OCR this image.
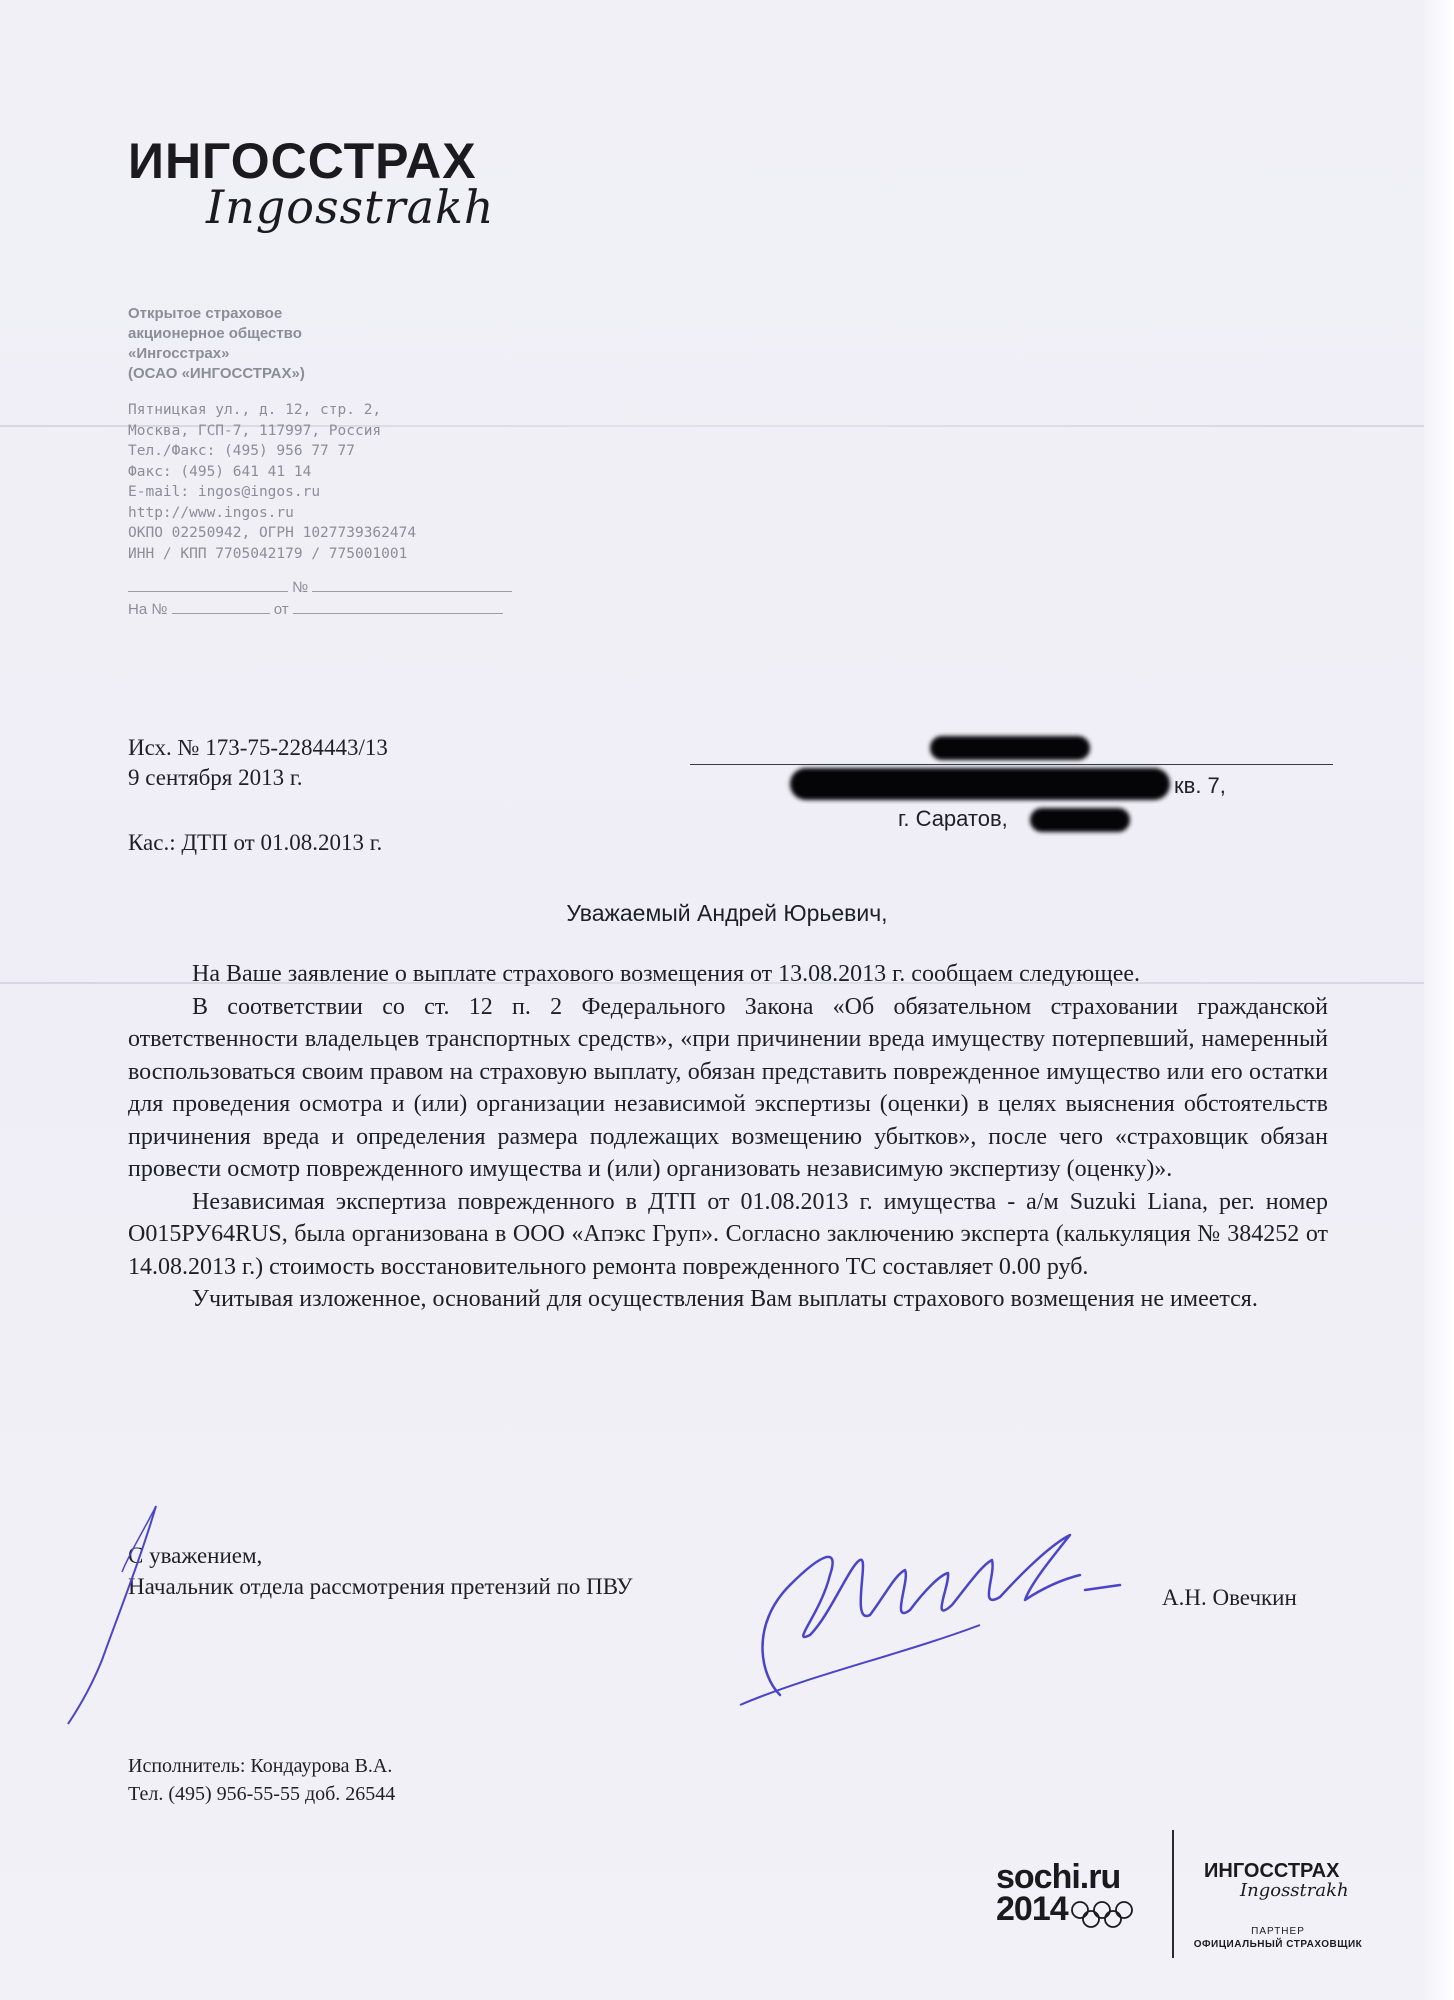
ИНГОССТРАХ
Ingosstrakh
Открытое страховое
акционерное общество
«Ингосстрах»
(ОСАО «ИНГОССТРАХ»)
Пятницкая ул., д. 12, стр. 2,
Москва, ГСП-7, 117997, Россия
Тел./Факс: (495) 956 77 77
Факс: (495) 641 41 14
E-mail: ingos@ingos.ru
http://www.ingos.ru
ОКПО 02250942, ОГРН 1027739362474
ИНН / КПП 7705042179 / 775001001
№
На №	от
Исх. № 173-75-2284443/13
9 сентября 2013 г.
Кас.: ДТП от 01.08.2013 г.
кв. 7,
г. Саратов,
Уважаемый Андрей Юрьевич,

На Ваше заявление о выплате страхового возмещения от 13.08.2013 г. сообщаем следующее.

В соответствии со ст. 12 п. 2 Федерального Закона «Об обязательном страховании гражданской ответственности владельцев транспортных средств», «при причинении вреда имуществу потерпевший, намеренный воспользоваться своим правом на страховую выплату, обязан представить поврежденное имущество или его остатки для проведения осмотра и (или) организации независимой экспертизы (оценки) в целях выяснения обстоятельств причинения вреда и определения размера подлежащих возмещению убытков», после чего «страховщик обязан провести осмотр поврежденного имущества и (или) организовать независимую экспертизу (оценку)».

Независимая экспертиза поврежденного в ДТП от 01.08.2013 г. имущества - а/м Suzuki Liana, рег. номер О015РУ64RUS, была организована в ООО «Апэкс Груп». Согласно заключению эксперта (калькуляция № 384252 от 14.08.2013 г.) стоимость восстановительного ремонта поврежденного ТС составляет 0.00 руб.

Учитывая изложенное, оснований для осуществления Вам выплаты страхового возмещения не имеется.

С уважением,
Начальник отдела рассмотрения претензий по ПВУ	А.Н. Овечкин
Исполнитель: Кондаурова В.А.
Тел. (495) 956-55-55 доб. 26544
sochi.ru
2014
ИНГОССТРАХ
Ingosstrakh
ПАРТНЕР
ОФИЦИАЛЬНЫЙ СТРАХОВЩИК
